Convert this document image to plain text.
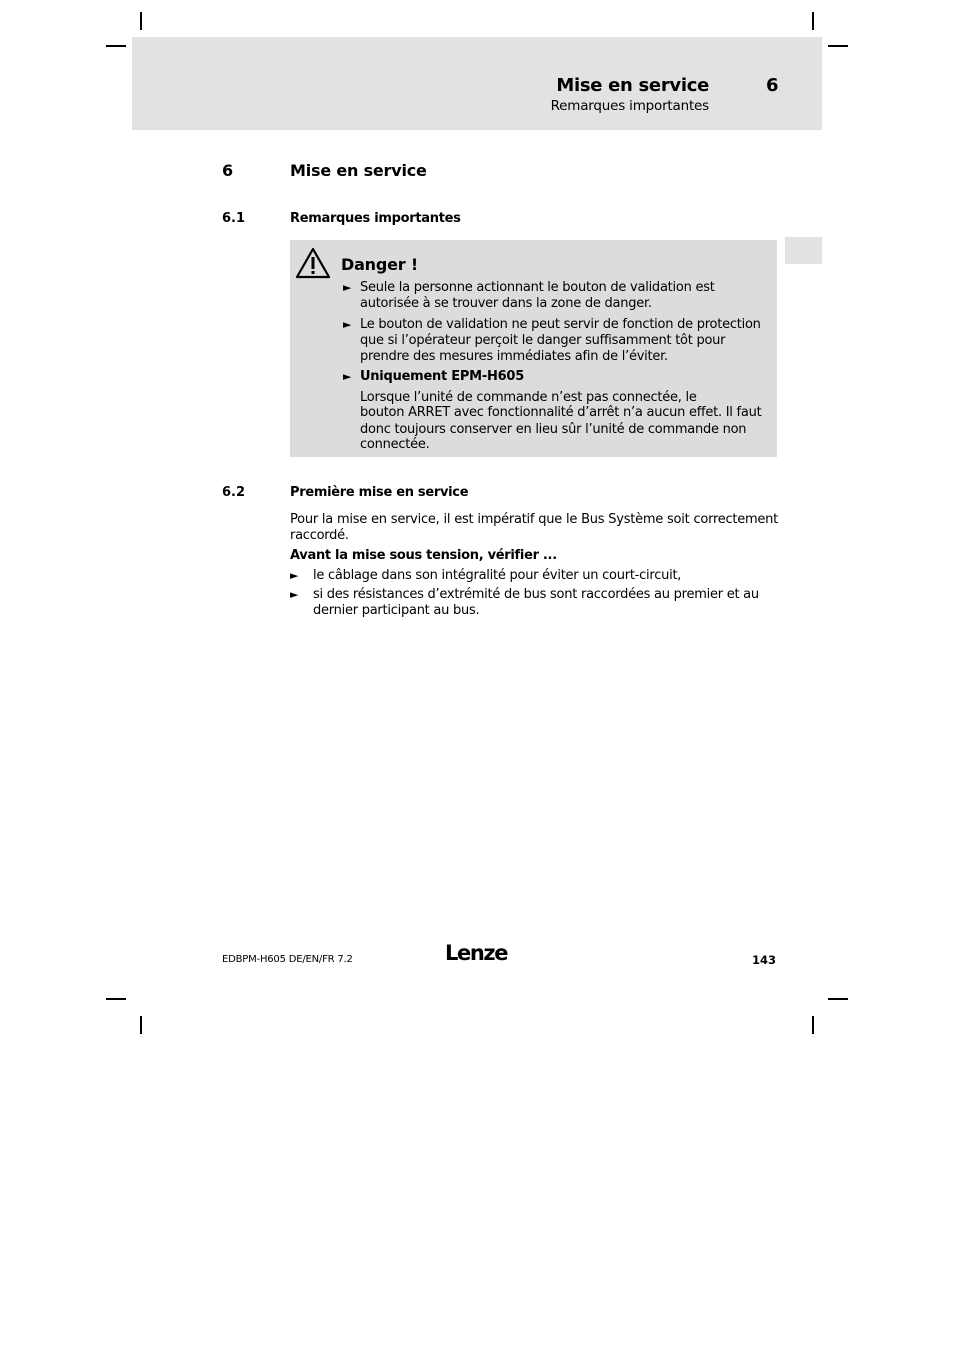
Mise en service	6
Remarques importantes
6	Mise en service
6.1	Remarques importantes
Danger !
► Seule la personne actionnant le bouton de validation est autorisée à se trouver dans la zone de danger.
► Le bouton de validation ne peut servir de fonction de protection que si l’opérateur perçoit le danger suffisamment tôt pour prendre des mesures immédiates afin de l’éviter.
► Uniquement EPM-H605
Lorsque l’unité de commande n’est pas connectée, le
bouton ARRET avec fonctionnalité d’arrêt n’a aucun effet. Il faut
donc toujours conserver en lieu sûr l’unité de commande non
connectée.
6.2	Première mise en service
Pour la mise en service, il est impératif que le Bus Système soit correctement raccordé.
Avant la mise sous tension, vérifier ...
►	le câblage dans son intégralité pour éviter un court-circuit,
►	si des résistances d’extrémité de bus sont raccordées au premier et au dernier participant au bus.
EDBPM-H605 DE/EN/FR 7.2	Lenze	143
